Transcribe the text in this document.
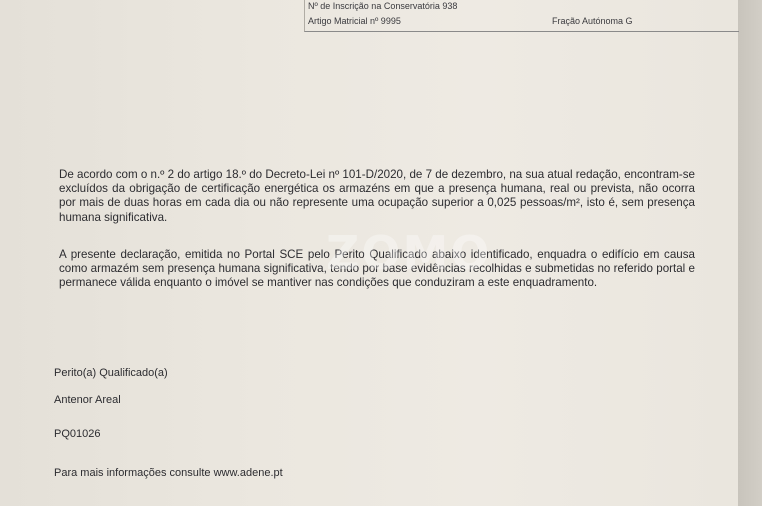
Nº de Inscrição na Conservatória 938
Artigo Matricial nº 9995	Fração Autónoma G

De acordo com o n.º 2 do artigo 18.º do Decreto-Lei nº 101-D/2020, de 7 de dezembro, na sua atual redação, encontram-se excluídos da obrigação de certificação energética os armazéns em que a presença humana, real ou prevista, não ocorra por mais de duas horas em cada dia ou não represente uma ocupação superior a 0,025 pessoas/m², isto é, sem presença humana significativa.

A presente declaração, emitida no Portal SCE pelo Perito Qualificado abaixo identificado, enquadra o edifício em causa como armazém sem presença humana significativa, tendo por base evidências recolhidas e submetidas no referido portal e permanece válida enquanto o imóvel se mantiver nas condições que conduziram a este enquadramento.

ZOMO
Perito(a) Qualificado(a)
Antenor Areal
PQ01026
Para mais informações consulte www.adene.pt
